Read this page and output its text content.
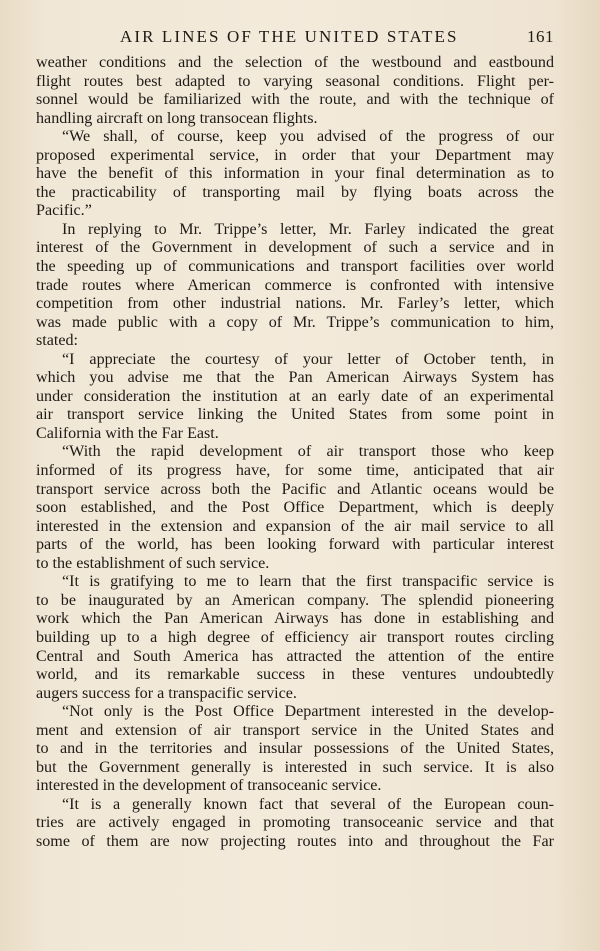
AIR LINES OF THE UNITED STATES	161

weather conditions and the selection of the westbound and eastbound

flight routes best adapted to varying seasonal conditions. Flight per-

sonnel would be familiarized with the route, and with the technique of

handling aircraft on long transocean flights.

“We shall, of course, keep you advised of the progress of our

proposed experimental service, in order that your Department may

have the benefit of this information in your final determination as to

the practicability of transporting mail by flying boats across the

Pacific.”

In replying to Mr. Trippe’s letter, Mr. Farley indicated the great

interest of the Government in development of such a service and in

the speeding up of communications and transport facilities over world

trade routes where American commerce is confronted with intensive

competition from other industrial nations. Mr. Farley’s letter, which

was made public with a copy of Mr. Trippe’s communication to him,

stated:

“I appreciate the courtesy of your letter of October tenth, in

which you advise me that the Pan American Airways System has

under consideration the institution at an early date of an experimental

air transport service linking the United States from some point in

California with the Far East.

“With the rapid development of air transport those who keep

informed of its progress have, for some time, anticipated that air

transport service across both the Pacific and Atlantic oceans would be

soon established, and the Post Office Department, which is deeply

interested in the extension and expansion of the air mail service to all

parts of the world, has been looking forward with particular interest

to the establishment of such service.

“It is gratifying to me to learn that the first transpacific service is

to be inaugurated by an American company. The splendid pioneering

work which the Pan American Airways has done in establishing and

building up to a high degree of efficiency air transport routes circling

Central and South America has attracted the attention of the entire

world, and its remarkable success in these ventures undoubtedly

augers success for a transpacific service.

“Not only is the Post Office Department interested in the develop-

ment and extension of air transport service in the United States and

to and in the territories and insular possessions of the United States,

but the Government generally is interested in such service. It is also

interested in the development of transoceanic service.

“It is a generally known fact that several of the European coun-

tries are actively engaged in promoting transoceanic service and that

some of them are now projecting routes into and throughout the Far
